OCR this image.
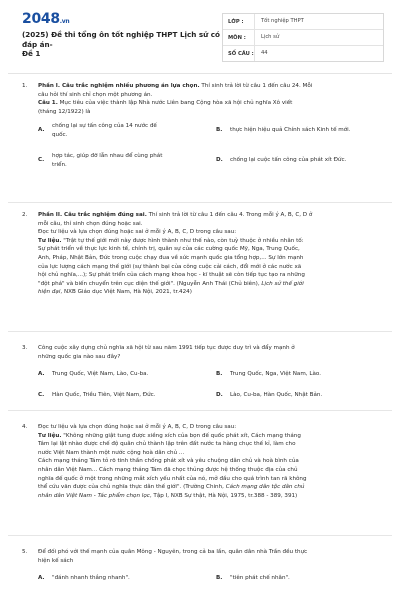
2048.vn
(2025) Đề thi tổng ôn tốt nghiệp THPT Lịch sử có đáp án-
Đề 1
LỚP :	Tốt nghiệp THPT
MÔN :	Lịch sử
SỐ CÂU :	44
1. Phần I. Câu trắc nghiệm nhiều phương án lựa chọn. Thí sinh trả lời từ câu 1 đến câu 24. Mỗi

câu hỏi thí sinh chỉ chọn một phương án.

Câu 1. Mục tiêu của việc thành lập Nhà nước Liên bang Cộng hòa xã hội chủ nghĩa Xô viết

(tháng 12/1922) là

A.
chống lại sự tấn công của 14 nước đế
quốc.
B.	thực hiện hiệu quả Chính sách Kinh tế mới.
C.
hợp tác, giúp đỡ lẫn nhau để cùng phát
triển.
D.	chống lại cuộc tấn công của phát xít Đức.
2. Phần II. Câu trắc nghiệm đúng sai. Thí sinh trả lời từ câu 1 đến câu 4. Trong mỗi ý A, B, C, D ở

mỗi câu, thí sinh chọn đúng hoặc sai.

Đọc tư liệu và lựa chọn đúng hoặc sai ở mỗi ý A, B, C, D trong câu sau:

Tư liệu. "Trật tự thế giới mới này được hình thành như thế nào, còn tuỳ thuộc ở nhiều nhân tố:

Sự phát triển về thực lực kinh tế, chính trị, quân sự của các cường quốc Mỹ, Nga, Trung Quốc,

Anh, Pháp, Nhật Bản, Đức trong cuộc chạy đua về sức mạnh quốc gia tổng hợp,... Sự lớn mạnh

của lực lượng cách mạng thế giới (sự thành bại của công cuộc cải cách, đổi mới ở các nước xã

hội chủ nghĩa,...); Sự phát triển của cách mạng khoa học - kĩ thuật sẽ còn tiếp tục tạo ra những

"đột phá" và biến chuyển trên cục diện thế giới". (Nguyễn Anh Thái (Chủ biên), Lịch sử thế giới

hiện đại, NXB Giáo dục Việt Nam, Hà Nội, 2021, tr.424)

3. Công cuộc xây dựng chủ nghĩa xã hội từ sau năm 1991 tiếp tục được duy trì và đẩy mạnh ở

những quốc gia nào sau đây?

A.	Trung Quốc, Việt Nam, Lào, Cu-ba.	B.	Trung Quốc, Nga, Việt Nam, Lào.
C.	Hàn Quốc, Triều Tiên, Việt Nam, Đức.	D.	Lào, Cu-ba, Hàn Quốc, Nhật Bản.
4. Đọc tư liệu và lựa chọn đúng hoặc sai ở mỗi ý A, B, C, D trong câu sau:

Tư liệu. "Không những giật tung được xiềng xích của bọn đế quốc phát xít, Cách mạng tháng

Tám lại lật nhào được chế độ quân chủ thành lập trên đất nước ta hàng chục thế kỉ, làm cho

nước Việt Nam thành một nước cộng hoà dân chủ ...

Cách mạng tháng Tám tỏ rõ tinh thần chống phát xít và yêu chuộng dân chủ và hoà bình của

nhân dân Việt Nam... Cách mạng tháng Tám đã chọc thủng được hệ thống thuộc địa của chủ

nghĩa đế quốc ở một trong những mắt xích yếu nhất của nó, mở đầu cho quá trình tan rã không

thể cứu vãn được của chủ nghĩa thực dân thế giới". (Trường Chinh, Cách mạng dân tộc dân chủ

nhân dân Việt Nam - Tác phẩm chọn lọc, Tập I, NXB Sự thật, Hà Nội, 1975, tr.388 - 389, 391)

5. Để đối phó với thế mạnh của quân Mông - Nguyên, trong cả ba lần, quân dân nhà Trần đều thực

hiện kế sách

A.	"đánh nhanh thắng nhanh".	B.	"tiên phát chế nhân".
